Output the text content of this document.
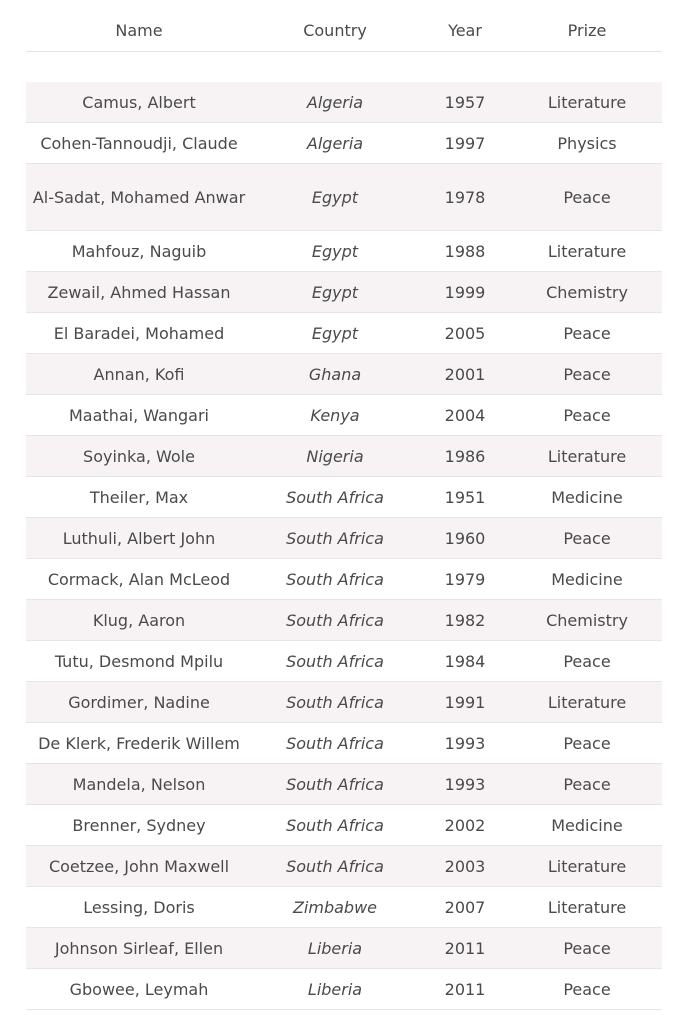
Name	Country	Year	Prize

Camus, Albert	Algeria	1957	Literature
Cohen-Tannoudji, Claude	Algeria	1997	Physics
Al-Sadat, Mohamed Anwar	Egypt	1978	Peace
Mahfouz, Naguib	Egypt	1988	Literature
Zewail, Ahmed Hassan	Egypt	1999	Chemistry
El Baradei, Mohamed	Egypt	2005	Peace
Annan, Kofi	Ghana	2001	Peace
Maathai, Wangari	Kenya	2004	Peace
Soyinka, Wole	Nigeria	1986	Literature
Theiler, Max	South Africa	1951	Medicine
Luthuli, Albert John	South Africa	1960	Peace
Cormack, Alan McLeod	South Africa	1979	Medicine
Klug, Aaron	South Africa	1982	Chemistry
Tutu, Desmond Mpilu	South Africa	1984	Peace
Gordimer, Nadine	South Africa	1991	Literature
De Klerk, Frederik Willem	South Africa	1993	Peace
Mandela, Nelson	South Africa	1993	Peace
Brenner, Sydney	South Africa	2002	Medicine
Coetzee, John Maxwell	South Africa	2003	Literature
Lessing, Doris	Zimbabwe	2007	Literature
Johnson Sirleaf, Ellen	Liberia	2011	Peace
Gbowee, Leymah	Liberia	2011	Peace
